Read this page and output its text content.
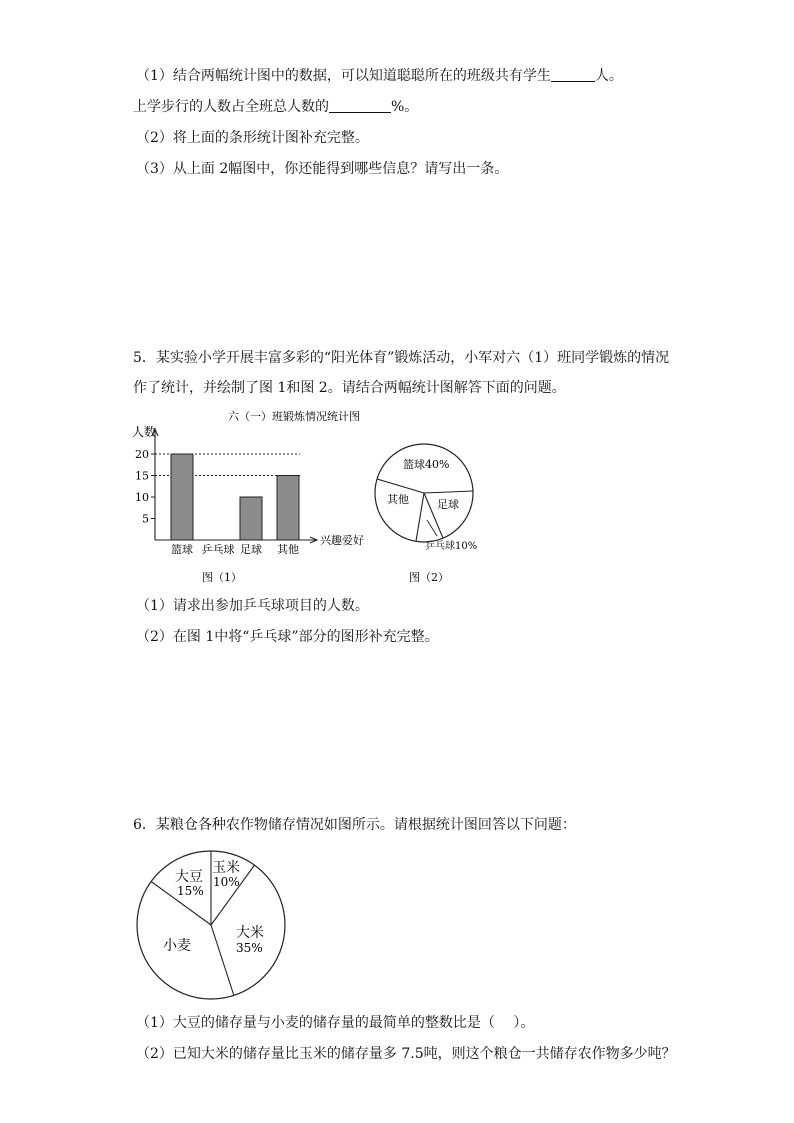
（1）结合两幅统计图中的数据，可以知道聪聪所在的班级共有学生	人。
上学步行的人数占全班总人数的	%。
（2）将上面的条形统计图补充完整。
（3）从上面 2幅图中，你还能得到哪些信息？请写出一条。
5．某实验小学开展丰富多彩的“阳光体育”锻炼活动，小军对六（1）班同学锻炼的情况
作了统计，并绘制了图 1和图 2。请结合两幅统计图解答下面的问题。
六（一）班锻炼情况统计图
人数
兴趣爱好
5
10
15
20
篮球 乒乓球 足球 其他
图（1）
篮球40%
足球
乒乓球10%
其他
图（2）
（1）请求出参加乒乓球项目的人数。
（2）在图 1中将“乒乓球”部分的图形补充完整。
6．某粮仓各种农作物储存情况如图所示。请根据统计图回答以下问题：
玉米
10%
大米
35%
小麦
大豆
15%
（1）大豆的储存量与小麦的储存量的最简单的整数比是（　 ）。
（2）已知大米的储存量比玉米的储存量多 7.5吨，则这个粮仓一共储存农作物多少吨？
